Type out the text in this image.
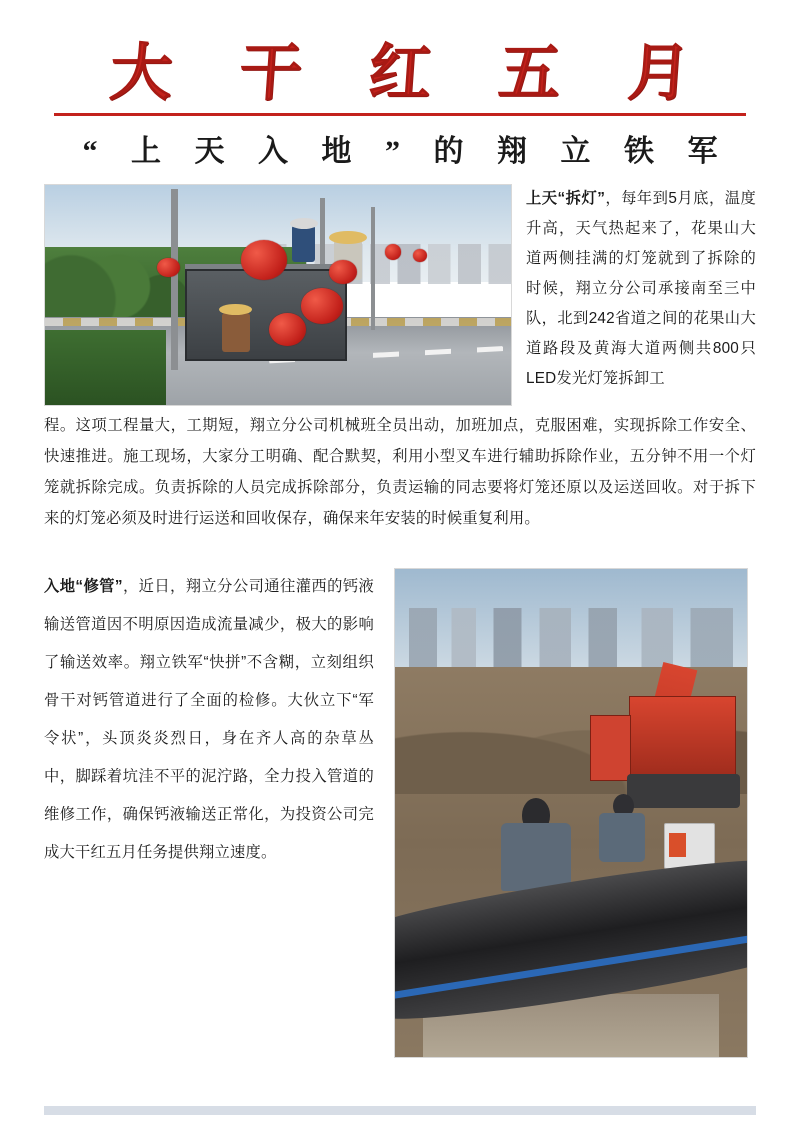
大 干 红 五 月
“ 上 天 入 地 ” 的 翔 立 铁 军
上天“拆灯”，每年到5月底，温度升高，天气热起来了，花果山大道两侧挂满的灯笼就到了拆除的时候，翔立分公司承接南至三中队，北到242省道之间的花果山大道路段及黄海大道两侧共800只LED发光灯笼拆卸工
程。这项工程量大，工期短，翔立分公司机械班全员出动，加班加点，克服困难，实现拆除工作安全、快速推进。施工现场，大家分工明确、配合默契，利用小型叉车进行辅助拆除作业，五分钟不用一个灯笼就拆除完成。负责拆除的人员完成拆除部分，负责运输的同志要将灯笼还原以及运送回收。对于拆下来的灯笼必须及时进行运送和回收保存，确保来年安装的时候重复利用。
入地“修管”，近日，翔立分公司通往灌西的钙液输送管道因不明原因造成流量减少，极大的影响了输送效率。翔立铁军“快拼”不含糊，立刻组织骨干对钙管道进行了全面的检修。大伙立下“军令状”，头顶炎炎烈日，身在齐人高的杂草丛中，脚踩着坑洼不平的泥泞路，全力投入管道的维修工作，确保钙液输送正常化，为投资公司完成大干红五月任务提供翔立速度。
